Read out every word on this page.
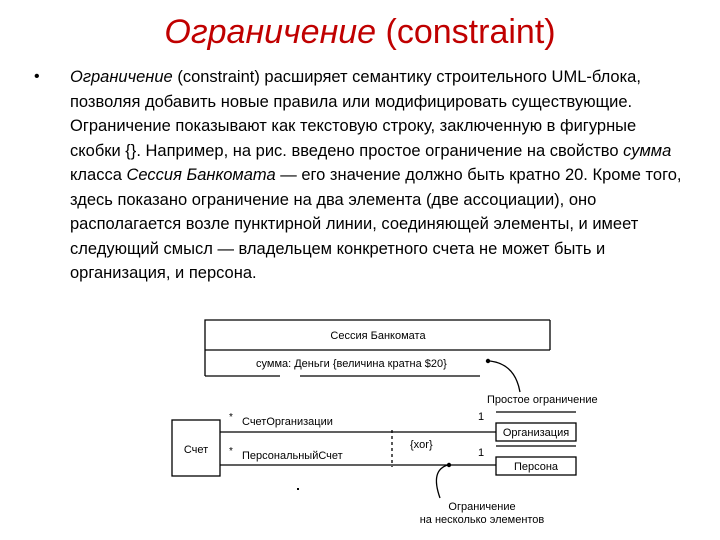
Ограничение (constraint)
• Ограничение (constraint) расширяет семантику строительного UML-блока, позволяя добавить новые правила или модифицировать существующие. Ограничение показывают как текстовую строку, заключенную в фигурные скобки {}. Например, на рис. введено простое ограничение на свойство сумма класса Сессия Банкомата — его значение должно быть кратно 20. Кроме того, здесь показано ограничение на два элемента (две ассоциации), оно располагается возле пунктирной линии, соединяющей элементы, и имеет следующий смысл — владельцем конкретного счета не может быть и организация, и персона.
Сессия Банкомата
сумма: Деньги {величина кратна $20}
Простое ограничение
Счет
*
*
СчетОрганизации
ПерсональныйСчет
1
1
{xor}
Организация
Персона
Ограничение
на несколько элементов
